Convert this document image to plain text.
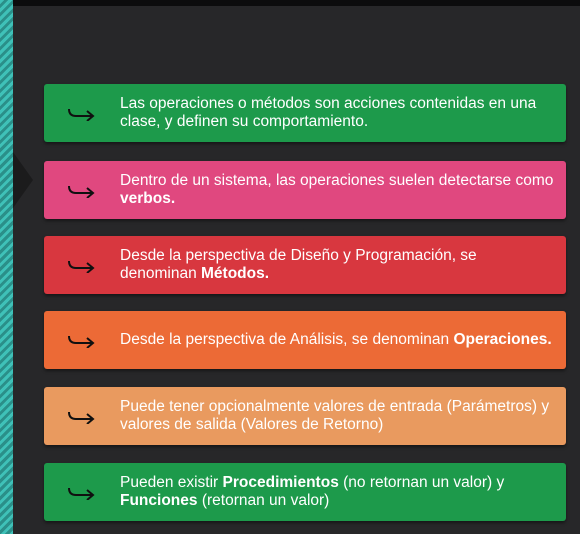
Las operaciones o métodos son acciones contenidas en una clase, y definen su comportamiento.
Dentro de un sistema, las operaciones suelen detectarse como verbos.
Desde la perspectiva de Diseño y Programación, se denominan Métodos.
Desde la perspectiva de Análisis, se denominan Operaciones.
Puede tener opcionalmente valores de entrada (Parámetros) y valores de salida (Valores de Retorno)
Pueden existir Procedimientos (no retornan un valor) y Funciones (retornan un valor)
